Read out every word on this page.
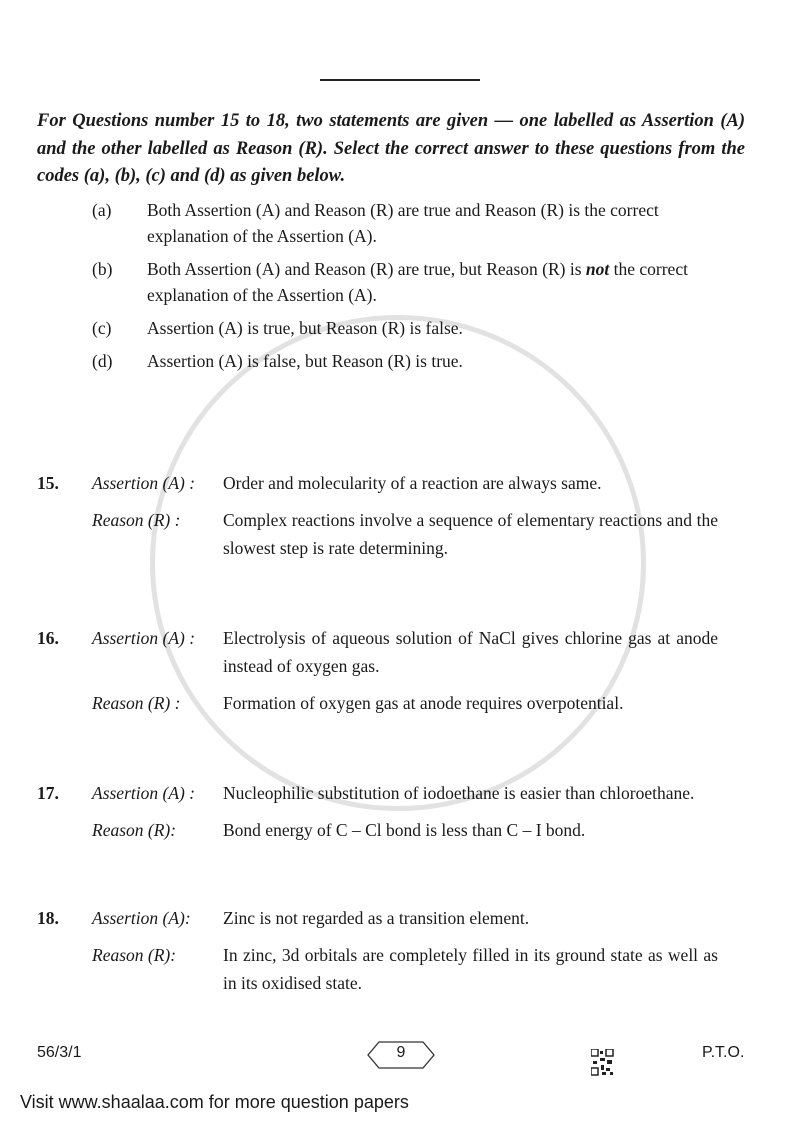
For Questions number 15 to 18, two statements are given — one labelled as Assertion (A) and the other labelled as Reason (R). Select the correct answer to these questions from the codes (a), (b), (c) and (d) as given below.
(a)	Both Assertion (A) and Reason (R) are true and Reason (R) is the correct explanation of the Assertion (A).
(b)	Both Assertion (A) and Reason (R) are true, but Reason (R) is not the correct explanation of the Assertion (A).
(c)	Assertion (A) is true, but Reason (R) is false.
(d)	Assertion (A) is false, but Reason (R) is true.
15.	Assertion (A) :	Order and molecularity of a reaction are always same.
Reason (R) :	Complex reactions involve a sequence of elementary reactions and the slowest step is rate determining.
16.	Assertion (A) :	Electrolysis of aqueous solution of NaCl gives chlorine gas at anode instead of oxygen gas.
Reason (R) :	Formation of oxygen gas at anode requires overpotential.
17.	Assertion (A) :	Nucleophilic substitution of iodoethane is easier than chloroethane.
Reason (R):	Bond energy of C – Cl bond is less than C – I bond.
18.	Assertion (A):	Zinc is not regarded as a transition element.
Reason (R):	In zinc, 3d orbitals are completely filled in its ground state as well as in its oxidised state.
56/3/1	9	P.T.O.
Visit www.shaalaa.com for more question papers
